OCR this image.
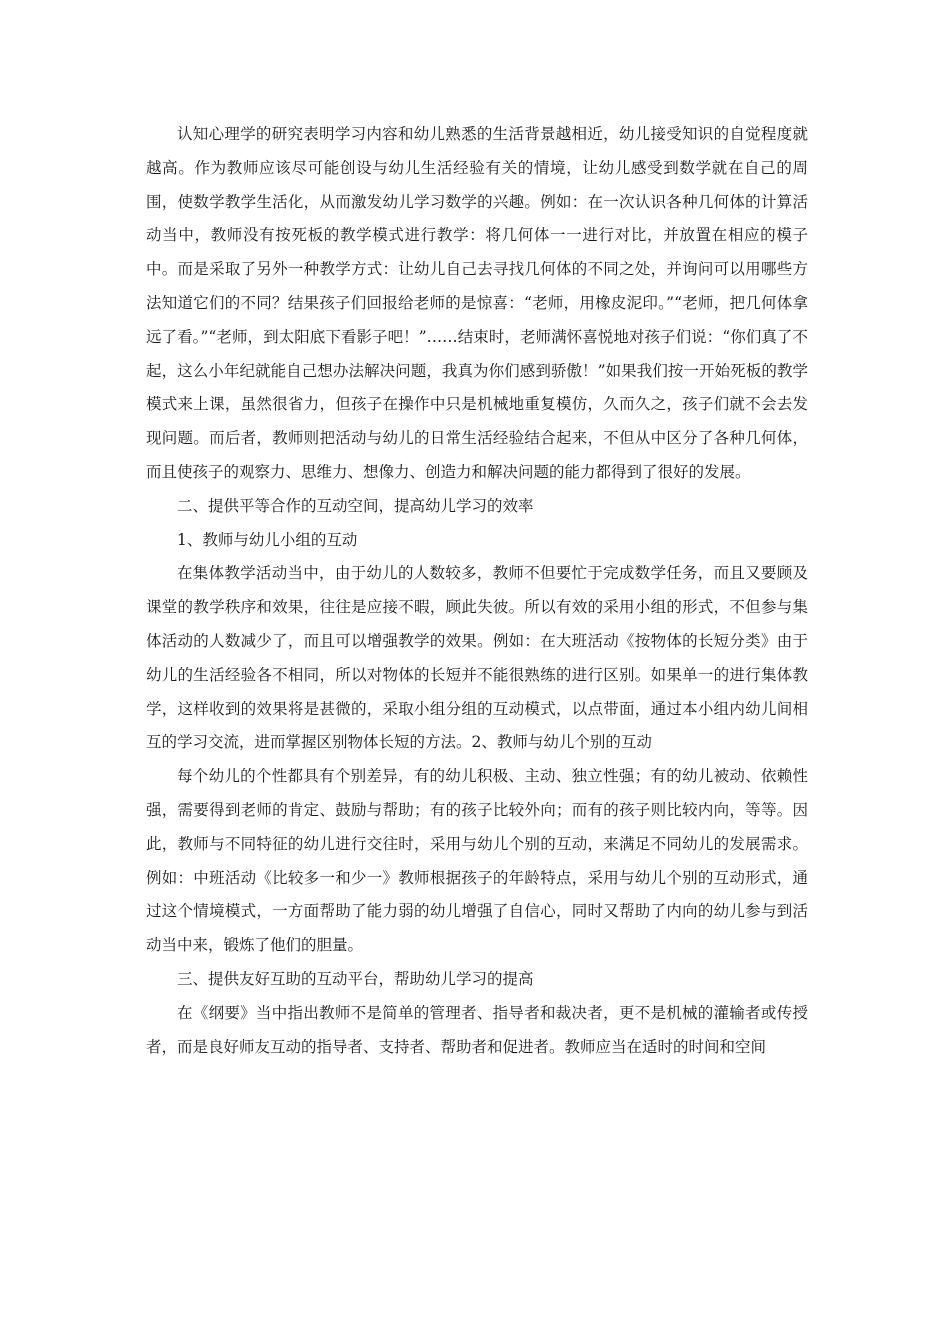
认知心理学的研究表明学习内容和幼儿熟悉的生活背景越相近，幼儿接受知识的自觉程度就越高。作为教师应该尽可能创设与幼儿生活经验有关的情境，让幼儿感受到数学就在自己的周围，使数学教学生活化，从而激发幼儿学习数学的兴趣。例如：在一次认识各种几何体的计算活动当中，教师没有按死板的教学模式进行教学：将几何体一一进行对比，并放置在相应的模子中。而是采取了另外一种教学方式：让幼儿自己去寻找几何体的不同之处，并询问可以用哪些方法知道它们的不同？结果孩子们回报给老师的是惊喜：“老师，用橡皮泥印。”“老师，把几何体拿远了看。”“老师，到太阳底下看影子吧！”……结束时，老师满怀喜悦地对孩子们说：“你们真了不起，这么小年纪就能自己想办法解决问题，我真为你们感到骄傲！”如果我们按一开始死板的教学模式来上课，虽然很省力，但孩子在操作中只是机械地重复模仿，久而久之，孩子们就不会去发现问题。而后者，教师则把活动与幼儿的日常生活经验结合起来，不但从中区分了各种几何体，而且使孩子的观察力、思维力、想像力、创造力和解决问题的能力都得到了很好的发展。

二、提供平等合作的互动空间，提高幼儿学习的效率

1、教师与幼儿小组的互动

在集体教学活动当中，由于幼儿的人数较多，教师不但要忙于完成数学任务，而且又要顾及课堂的教学秩序和效果，往往是应接不暇，顾此失彼。所以有效的采用小组的形式，不但参与集体活动的人数减少了，而且可以增强教学的效果。例如：在大班活动《按物体的长短分类》由于幼儿的生活经验各不相同，所以对物体的长短并不能很熟练的进行区别。如果单一的进行集体教学，这样收到的效果将是甚微的，采取小组分组的互动模式，以点带面，通过本小组内幼儿间相互的学习交流，进而掌握区别物体长短的方法。2、教师与幼儿个别的互动

每个幼儿的个性都具有个别差异，有的幼儿积极、主动、独立性强；有的幼儿被动、依赖性强，需要得到老师的肯定、鼓励与帮助；有的孩子比较外向；而有的孩子则比较内向，等等。因此，教师与不同特征的幼儿进行交往时，采用与幼儿个别的互动，来满足不同幼儿的发展需求。例如：中班活动《比较多一和少一》教师根据孩子的年龄特点，采用与幼儿个别的互动形式，通过这个情境模式，一方面帮助了能力弱的幼儿增强了自信心，同时又帮助了内向的幼儿参与到活动当中来，锻炼了他们的胆量。

三、提供友好互助的互动平台，帮助幼儿学习的提高

在《纲要》当中指出教师不是简单的管理者、指导者和裁决者，更不是机械的灌输者或传授者，而是良好师友互动的指导者、支持者、帮助者和促进者。教师应当在适时的时间和空间
